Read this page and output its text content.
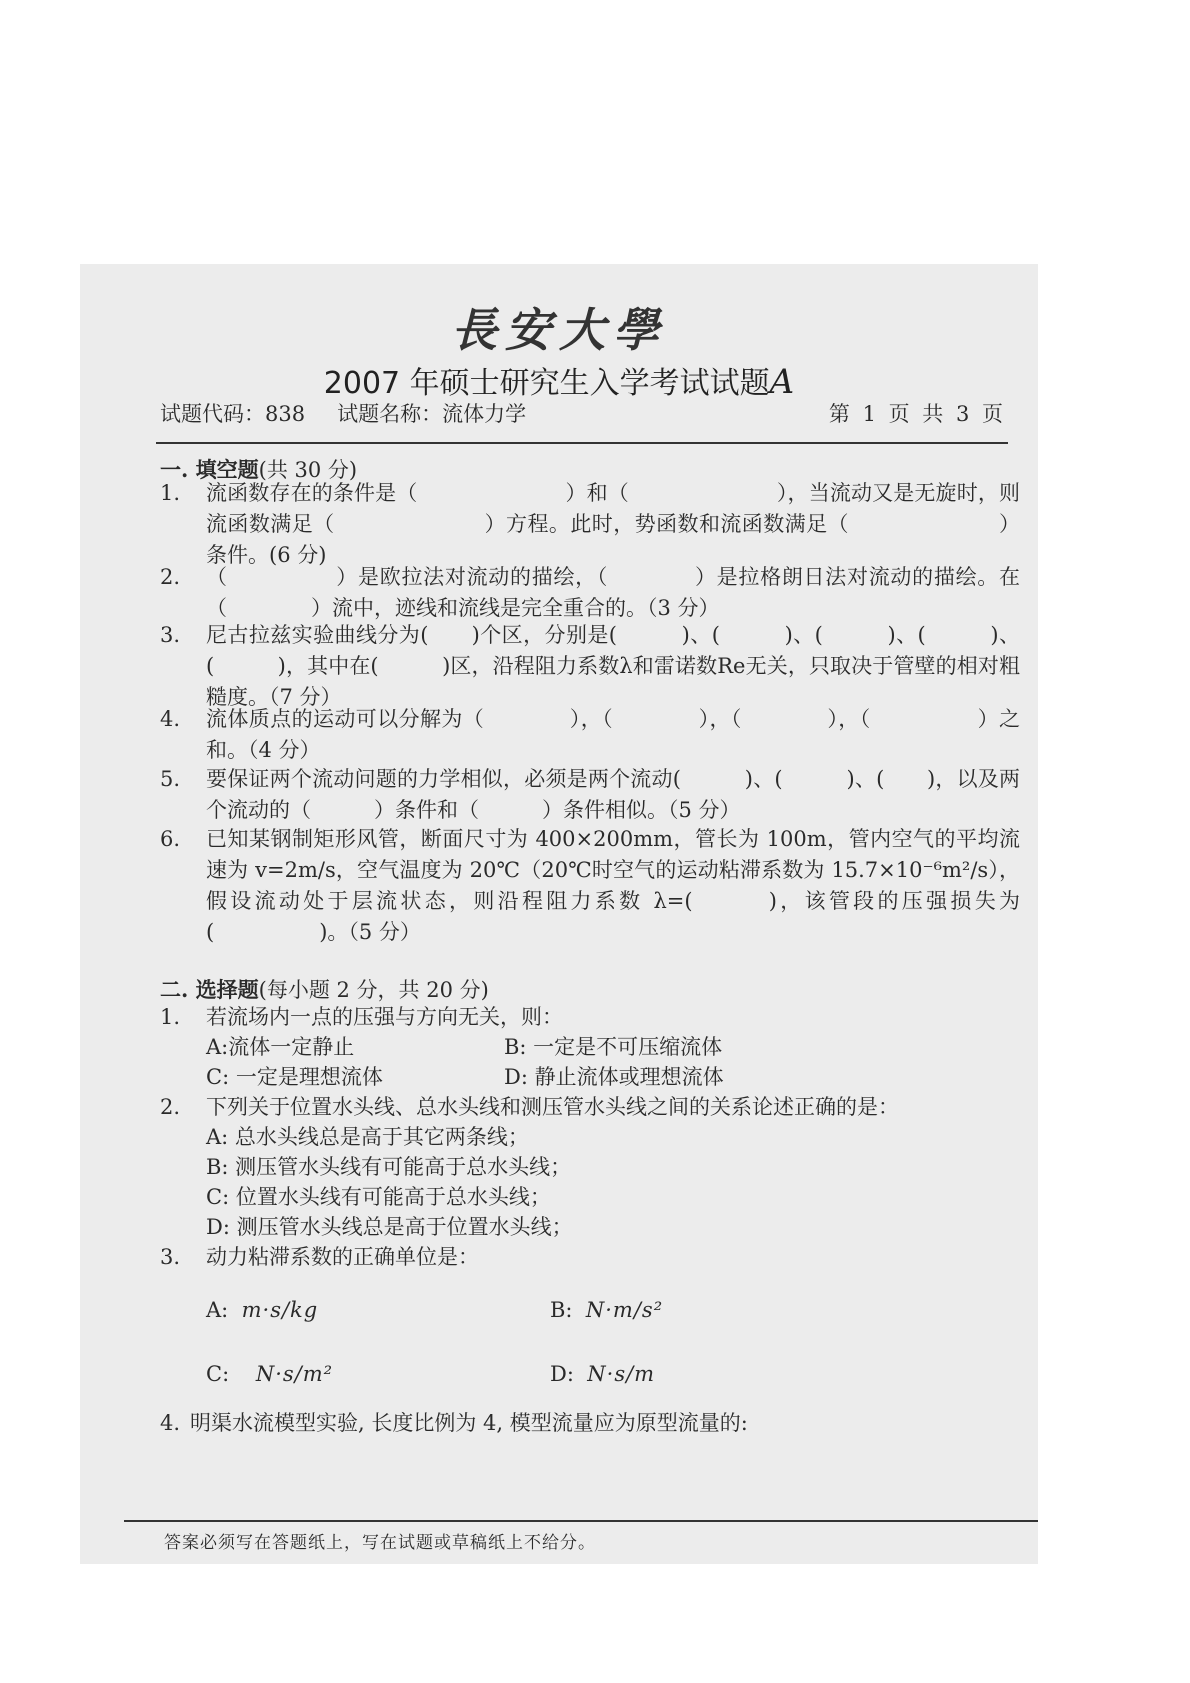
長安大學
2007 年硕士研究生入学考试试题A
试题代码：838 试题名称：流体力学	第 1 页 共 3 页
一. 填空题(共 30 分)
1. 流函数存在的条件是（　　　　　　　）和（　　　　　　　），当流动又是无旋时，则流函数满足（　　　　　　　）方程。此时，势函数和流函数满足（　　　　　　　）条件。(6 分)
2. （　　　　　）是欧拉法对流动的描绘，（　　　　）是拉格朗日法对流动的描绘。在（　　　　）流中，迹线和流线是完全重合的。（3 分）
3. 尼古拉兹实验曲线分为(　　)个区，分别是(　　　)、(　　　)、(　　　)、(　　　)、(　　　)，其中在(　　　)区，沿程阻力系数λ和雷诺数Re无关，只取决于管壁的相对粗糙度。（7 分）
4. 流体质点的运动可以分解为（　　　　），（　　　　），（　　　　），（　　　　　）之和。（4 分）
5. 要保证两个流动问题的力学相似，必须是两个流动(　　　)、(　　　)、(　　)，以及两个流动的（　　　）条件和（　　　）条件相似。（5 分）
6. 已知某钢制矩形风管，断面尺寸为 400×200mm，管长为 100m，管内空气的平均流速为 v=2m/s，空气温度为 20℃（20℃时空气的运动粘滞系数为 15.7×10⁻⁶m²/s），假设流动处于层流状态，则沿程阻力系数 λ=(　　　)，该管段的压强损失为(　　　　　)。（5 分）
二. 选择题(每小题 2 分，共 20 分)
1. 若流场内一点的压强与方向无关，则：
A:流体一定静止	B: 一定是不可压缩流体
C: 一定是理想流体	D: 静止流体或理想流体
2. 下列关于位置水头线、总水头线和测压管水头线之间的关系论述正确的是：
A: 总水头线总是高于其它两条线；
B: 测压管水头线有可能高于总水头线；
C: 位置水头线有可能高于总水头线；
D: 测压管水头线总是高于位置水头线；
3. 动力粘滞系数的正确单位是：
A: m·s/kg	B: N·m/s²
C: N·s/m²	D: N·s/m
4. 明渠水流模型实验, 长度比例为 4, 模型流量应为原型流量的:
答案必须写在答题纸上，写在试题或草稿纸上不给分。
